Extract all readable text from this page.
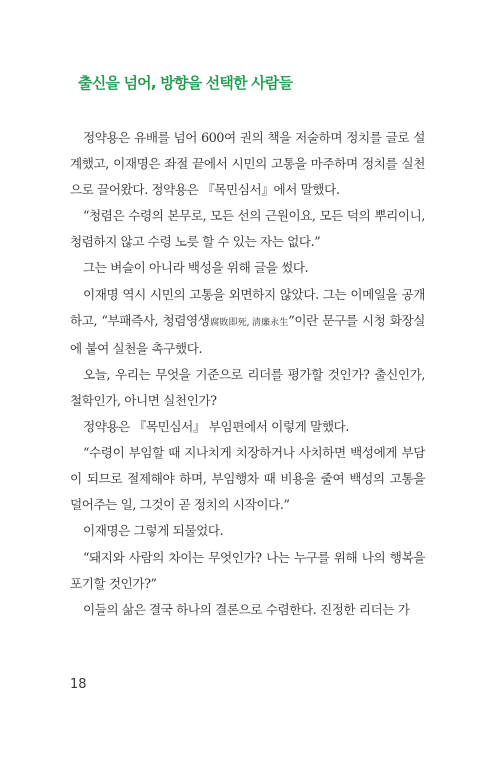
출신을 넘어, 방향을 선택한 사람들

정약용은 유배를 넘어 600여 권의 책을 저술하며 정치를 글로 설계했고, 이재명은 좌절 끝에서 시민의 고통을 마주하며 정치를 실천으로 끌어왔다. 정약용은 『목민심서』에서 말했다.

“청렴은 수령의 본무로, 모든 선의 근원이요, 모든 덕의 뿌리이니, 청렴하지 않고 수령 노릇 할 수 있는 자는 없다.”

그는 벼슬이 아니라 백성을 위해 글을 썼다.

이재명 역시 시민의 고통을 외면하지 않았다. 그는 이메일을 공개하고, “부패즉사, 청렴영생腐敗即死, 淸廉永生”이란 문구를 시청 화장실에 붙여 실천을 촉구했다.

오늘, 우리는 무엇을 기준으로 리더를 평가할 것인가? 출신인가, 철학인가, 아니면 실천인가?

정약용은 『목민심서』 부임편에서 이렇게 말했다.

“수령이 부임할 때 지나치게 치장하거나 사치하면 백성에게 부담이 되므로 절제해야 하며, 부임행차 때 비용을 줄여 백성의 고통을 덜어주는 일, 그것이 곧 정치의 시작이다.”

이재명은 그렇게 되물었다.

“돼지와 사람의 차이는 무엇인가? 나는 누구를 위해 나의 행복을 포기할 것인가?”

이들의 삶은 결국 하나의 결론으로 수렴한다. 진정한 리더는 가

18
